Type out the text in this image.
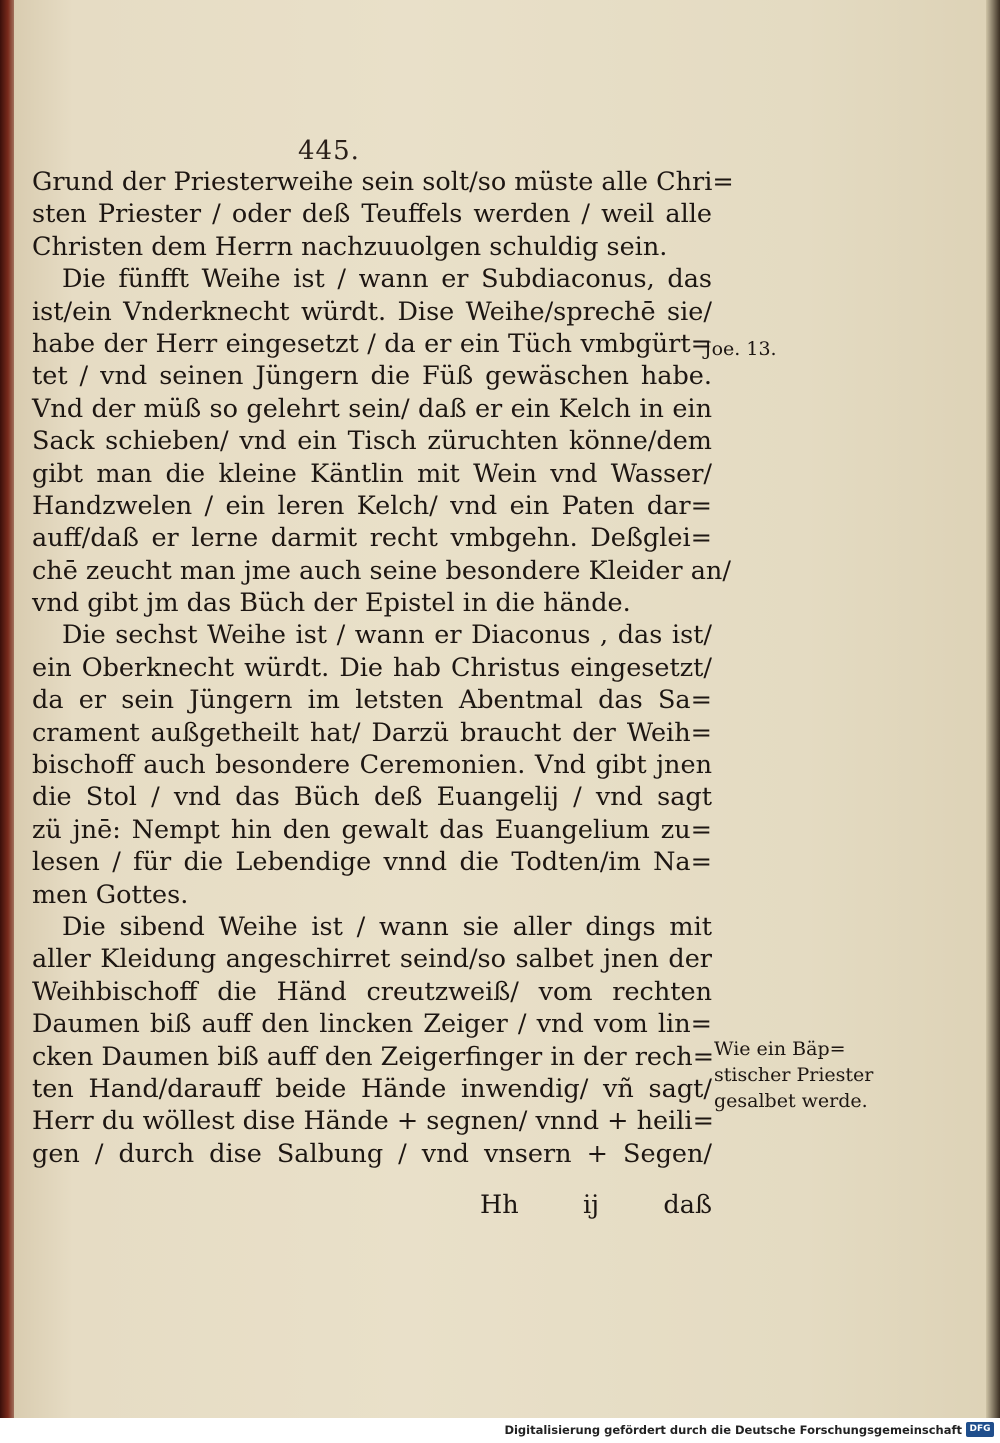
445.
Grund der Priesterweihe sein solt/so müste alle Chri=
sten Priester / oder deß Teuffels werden / weil alle
Christen dem Herrn nachzuuolgen schuldig sein.
Die fünfft Weihe ist / wann er Subdiaconus, das
ist/ein Vnderknecht würdt. Dise Weihe/sprechē sie/
habe der Herr eingesetzt / da er ein Tüch vmbgürt=
tet / vnd seinen Jüngern die Füß gewäschen habe.
Vnd der müß so gelehrt sein/ daß er ein Kelch in ein
Sack schieben/ vnd ein Tisch züruchten könne/dem
gibt man die kleine Käntlin mit Wein vnd Wasser/
Handzwelen / ein leren Kelch/ vnd ein Paten dar=
auff/daß er lerne darmit recht vmbgehn. Deßglei=
chē zeucht man jme auch seine besondere Kleider an/
vnd gibt jm das Büch der Epistel in die hände.
Die sechst Weihe ist / wann er Diaconus , das ist/
ein Oberknecht würdt. Die hab Christus eingesetzt/
da er sein Jüngern im letsten Abentmal das Sa=
crament außgetheilt hat/ Darzü braucht der Weih=
bischoff auch besondere Ceremonien. Vnd gibt jnen
die Stol / vnd das Büch deß Euangelij / vnd sagt
zü jnē: Nempt hin den gewalt das Euangelium zu=
lesen / für die Lebendige vnnd die Todten/im Na=
men Gottes.
Die sibend Weihe ist / wann sie aller dings mit
aller Kleidung angeschirret seind/so salbet jnen der
Weihbischoff die Händ creutzweiß/ vom rechten
Daumen biß auff den lincken Zeiger / vnd vom lin=
cken Daumen biß auff den Zeigerfinger in der rech=
ten Hand/darauff beide Hände inwendig/ vñ sagt/
Herr du wöllest dise Hände + segnen/ vnnd + heili=
gen / durch dise Salbung / vnd vnsern + Segen/
Hh	ij	daß
Joe. 13.
Wie ein Bäp=
stischer Priester
gesalbet werde.
Digitalisierung gefördert durch die Deutsche Forschungsgemeinschaft DFG
